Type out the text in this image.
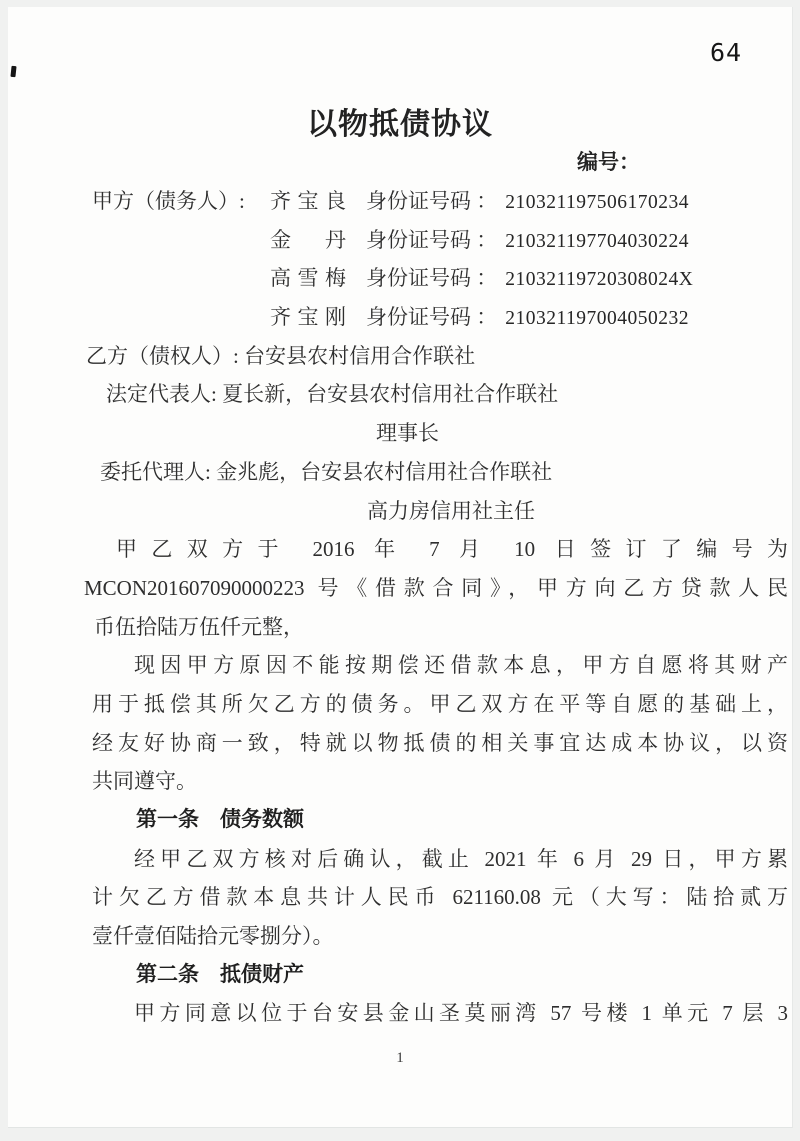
64
以物抵债协议
编号：
甲方（债务人）:	齐宝良 身份证号码 ： 210321197506170234
金　丹 身份证号码 ： 210321197704030224
高雪梅 身份证号码 ： 21032119720308024X
齐宝刚 身份证号码 ： 210321197004050232
乙方（债权人）: 台安县农村信用合作联社
法定代表人: 夏长新，台安县农村信用社合作联社
理事长
委托代理人: 金兆彪，台安县农村信用社合作联社
高力房信用社主任
甲乙双方于 2016 年 7 月 10 日签订了编号为
MCON201607090000223 号《借款合同》，甲方向乙方贷款人民
币伍拾陆万伍仟元整，
现因甲方原因不能按期偿还借款本息，甲方自愿将其财产
用于抵偿其所欠乙方的债务。甲乙双方在平等自愿的基础上，
经友好协商一致，特就以物抵债的相关事宜达成本协议，以资
共同遵守。
第一条　债务数额
经甲乙双方核对后确认，截止 2021 年 6 月 29 日，甲方累
计欠乙方借款本息共计人民币 621160.08 元（大写：陆拾贰万
壹仟壹佰陆拾元零捌分）。
第二条　抵债财产
甲方同意以位于台安县金山圣莫丽湾 57 号楼 1 单元 7 层 3
1
